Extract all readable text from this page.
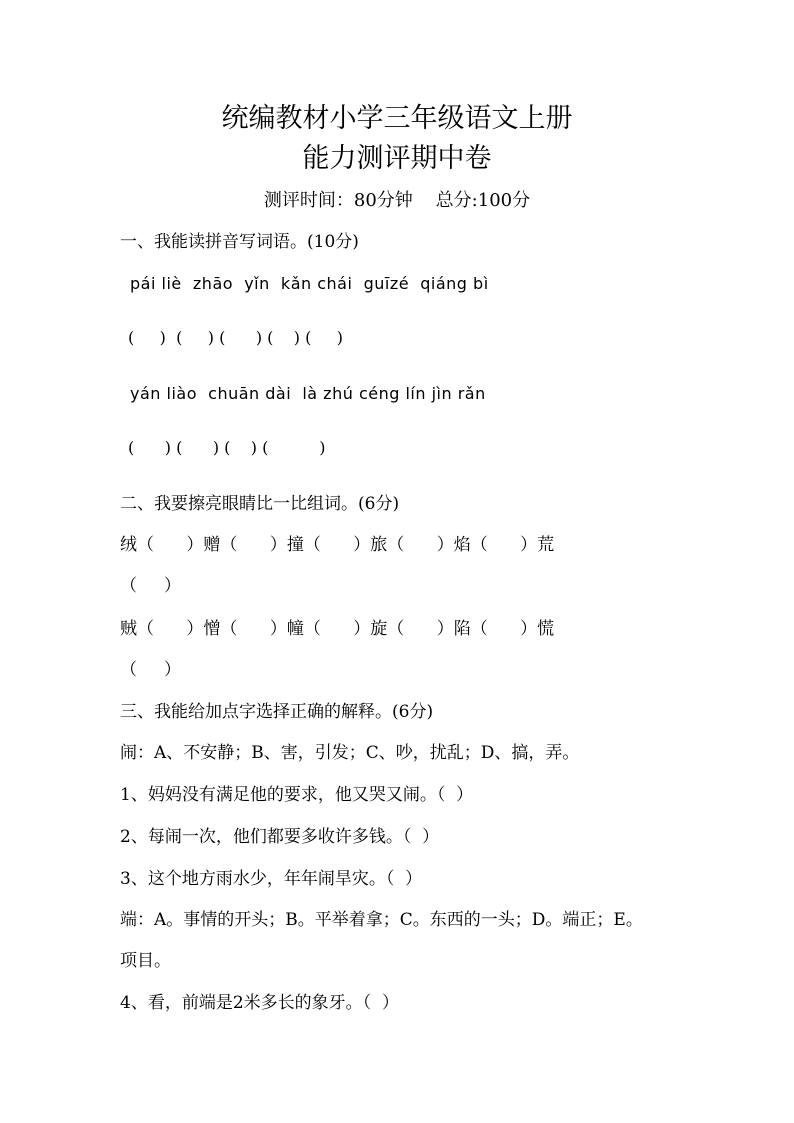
统编教材小学三年级语文上册
能力测评期中卷
测评时间：80分钟    总分:100分
一、我能读拼音写词语。(10分)
pái liè  zhāo  yǐn  kǎn chái  guīzé  qiáng bì
(     )  (     ) (      ) (    ) (     )
yán liào  chuān dài  là zhú céng lín jìn rǎn
(      ) (      ) (    ) (          )
二、我要擦亮眼睛比一比组词。(6分)
绒（      ）赠（      ）撞（      ）旅（      ）焰（      ）荒
（     ）
贼（      ）憎（      ）幢（      ）旋（      ）陷（      ）慌
（     ）
三、我能给加点字选择正确的解释。(6分)
闹：A、不安静；B、害，引发；C、吵，扰乱；D、搞，弄。
1、妈妈没有满足他的要求，他又哭又闹。（  ）
2、每闹一次，他们都要多收许多钱。（  ）
3、这个地方雨水少，年年闹旱灾。（  ）
端：A。事情的开头；B。平举着拿；C。东西的一头；D。端正；E。
项目。
4、看，前端是2米多长的象牙。（  ）
